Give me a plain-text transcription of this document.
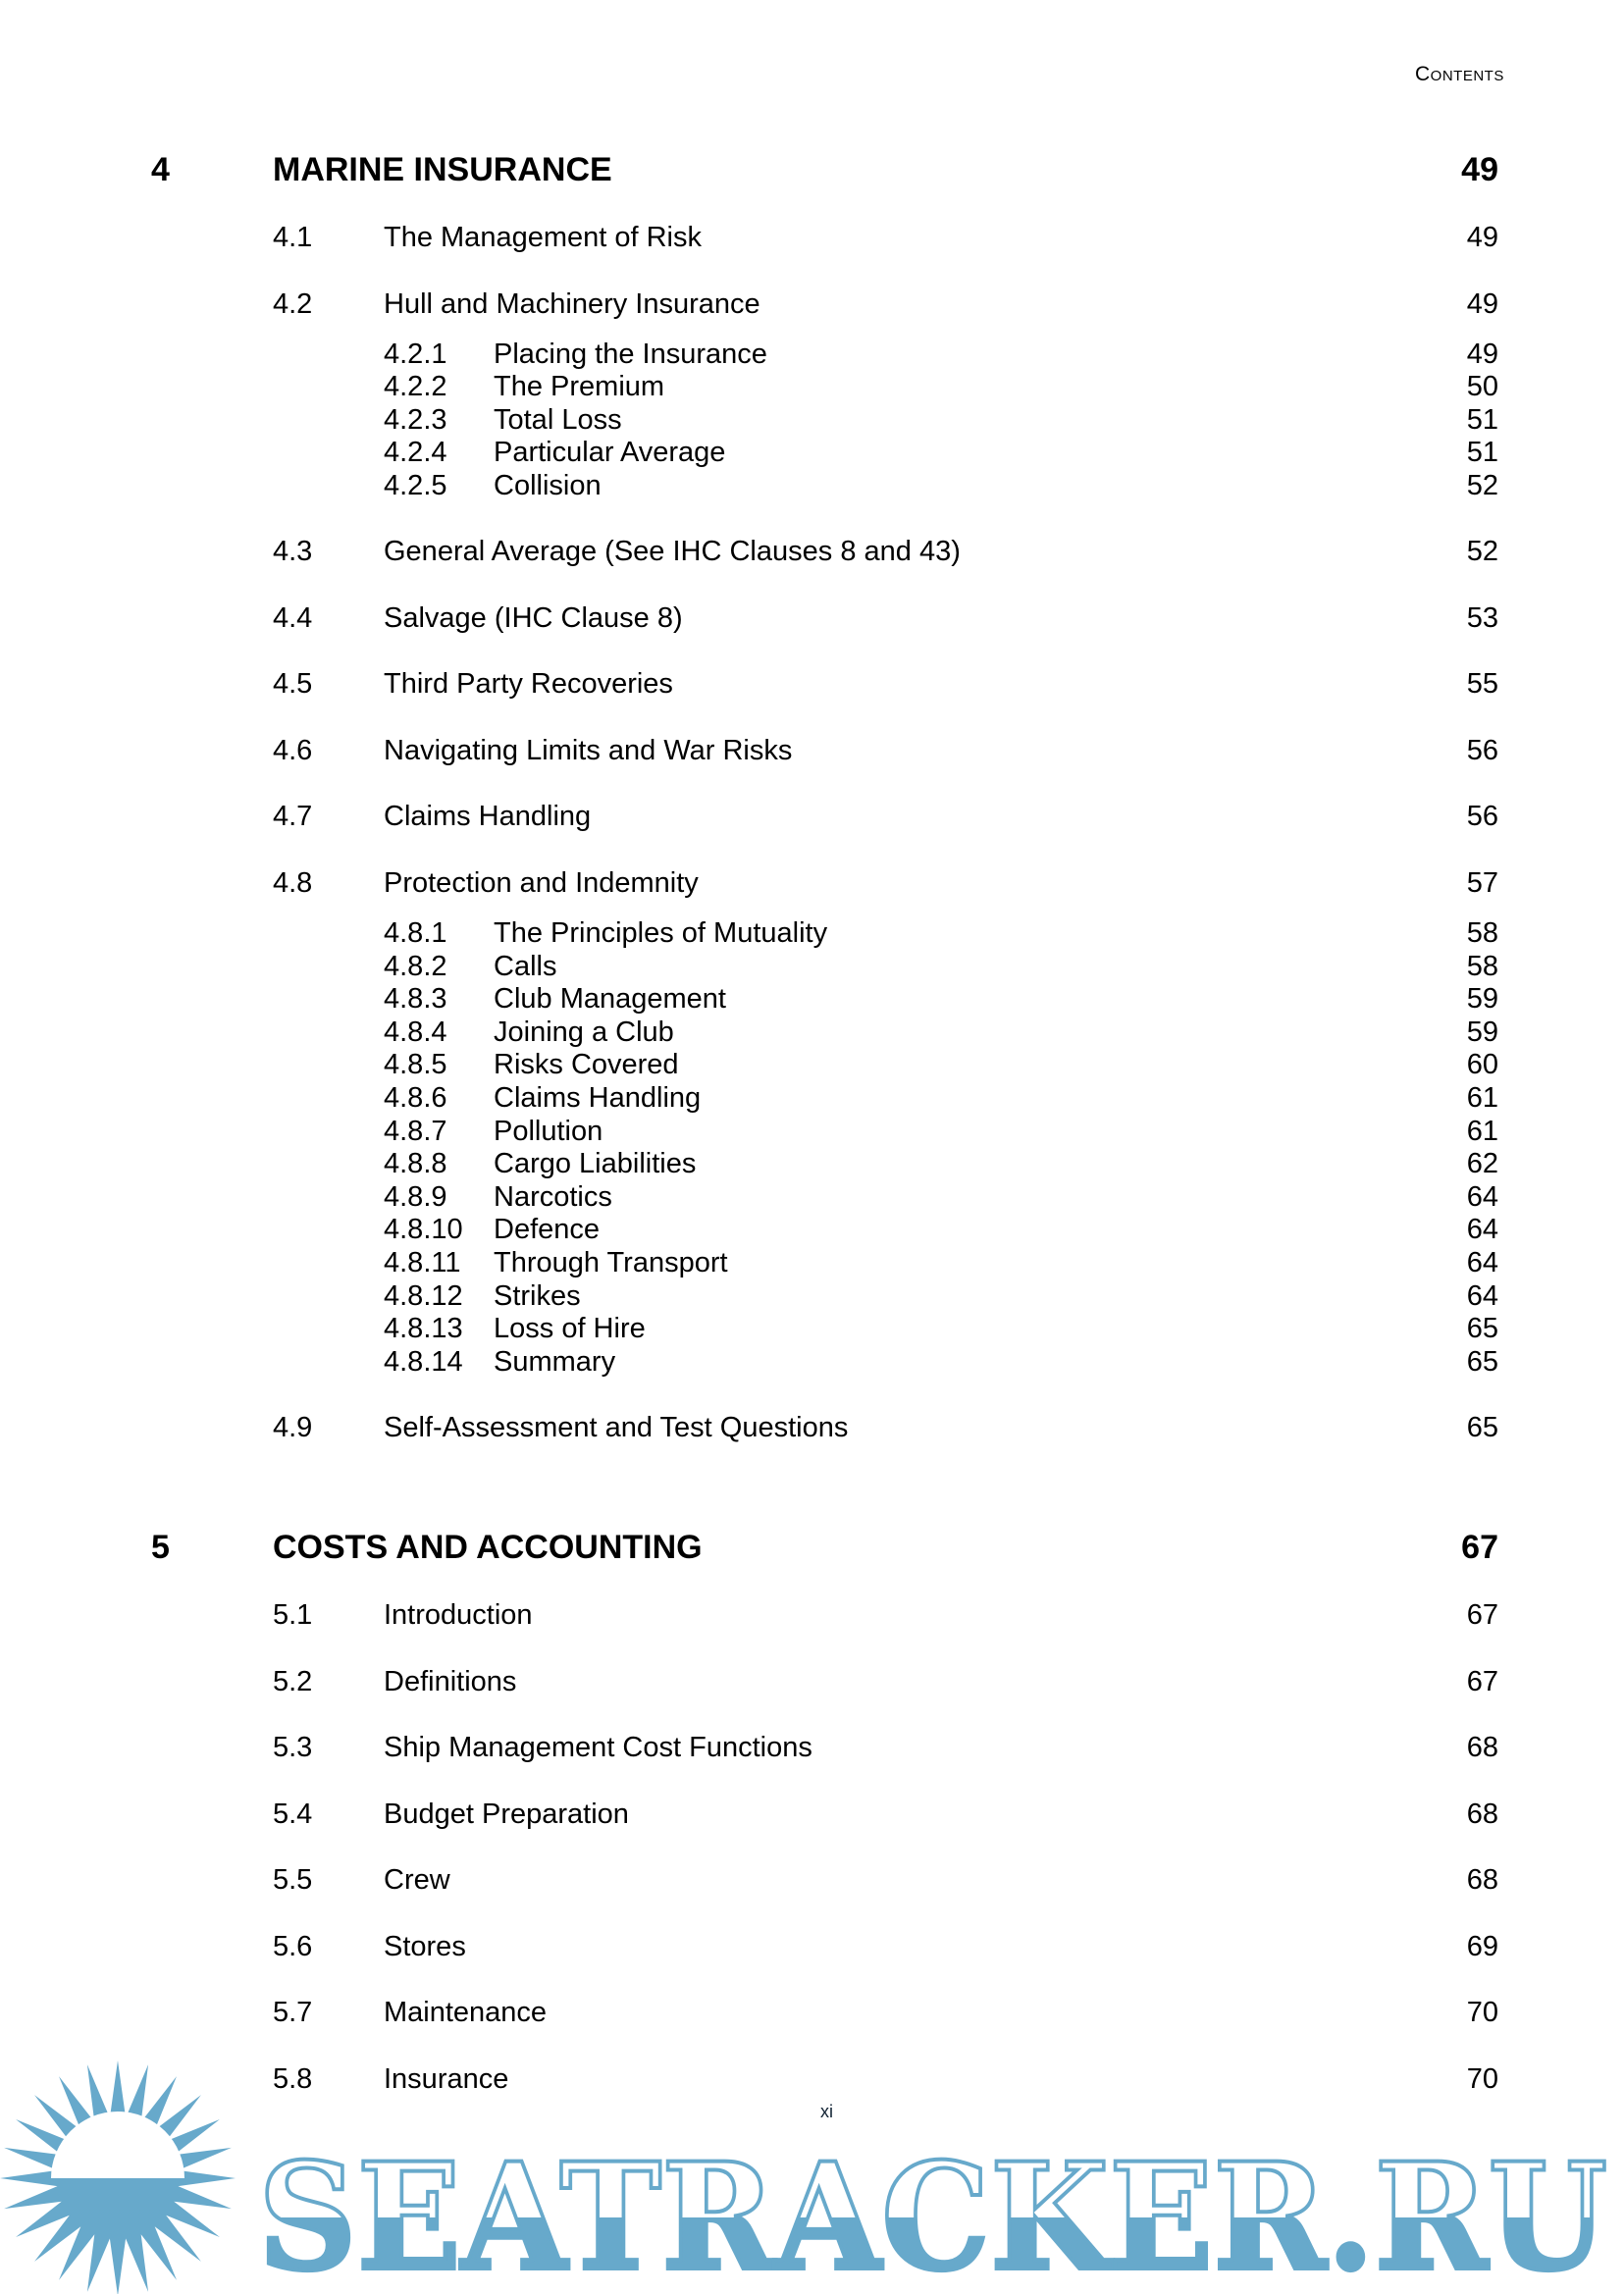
Contents
4	MARINE INSURANCE	49
4.1	The Management of Risk	49
4.2	Hull and Machinery Insurance	49
4.2.1 Placing the Insurance	49
4.2.2 The Premium	50
4.2.3 Total Loss	51
4.2.4 Particular Average	51
4.2.5 Collision	52
4.3	General Average (See IHC Clauses 8 and 43)	52
4.4	Salvage (IHC Clause 8)	53
4.5	Third Party Recoveries	55
4.6	Navigating Limits and War Risks	56
4.7	Claims Handling	56
4.8	Protection and Indemnity	57
4.8.1 The Principles of Mutuality	58
4.8.2 Calls	58
4.8.3 Club Management	59
4.8.4 Joining a Club	59
4.8.5 Risks Covered	60
4.8.6 Claims Handling	61
4.8.7 Pollution	61
4.8.8 Cargo Liabilities	62
4.8.9 Narcotics	64
4.8.10 Defence	64
4.8.11 Through Transport	64
4.8.12 Strikes	64
4.8.13 Loss of Hire	65
4.8.14 Summary	65
4.9	Self-Assessment and Test Questions	65
5	COSTS AND ACCOUNTING	67
5.1	Introduction	67
5.2	Definitions	67
5.3	Ship Management Cost Functions	68
5.4	Budget Preparation	68
5.5	Crew	68
5.6	Stores	69
5.7	Maintenance	70
5.8	Insurance	70
SEATRACKER.RU
xi
